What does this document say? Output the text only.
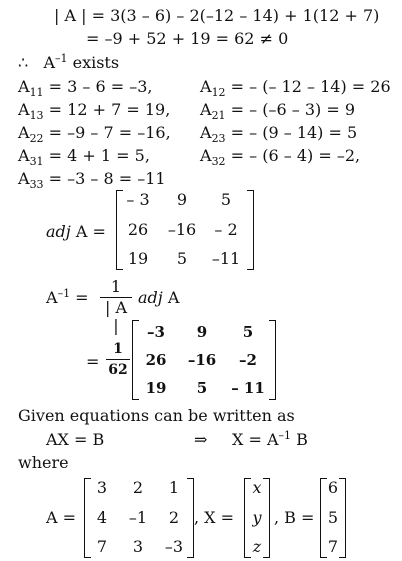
| A | = 3(3 – 6) – 2(–12 – 14) + 1(12 + 7)
= –9 + 52 + 19 = 62 ≠ 0
∴ $A^{-1}$ exists
$A_{11} = 3 - 6 = -3$,	$A_{12}$ = – (– 12 – 14) = 26
$A_{13} = 12 + 7 = 19$, $A_{21}$ = – (–6 – 3) = 9
$A_{22} = -9 - 7 = -16$, $A_{23}$ = – (9 – 14) = 5
$A_{31} = 4 + 1 = 5$,	$A_{32}$ = – (6 – 4) = –2,
$A_{33} = -3 - 8 = -11$
adj A =
– 3	9	5
26	–16	– 2
19	5	–11
$A^{-1}$ =
1
| A |
adj A
=
1
62
–3	9	5
26	–16	–2
19	5	– 11
Given equations can be written as
AX = B	⇒ $X = A^{-1}$ B
where
A =
3	2	1
4	–1	2
7	3	–3
, X =
x
y
z
, B =
6
5
7
